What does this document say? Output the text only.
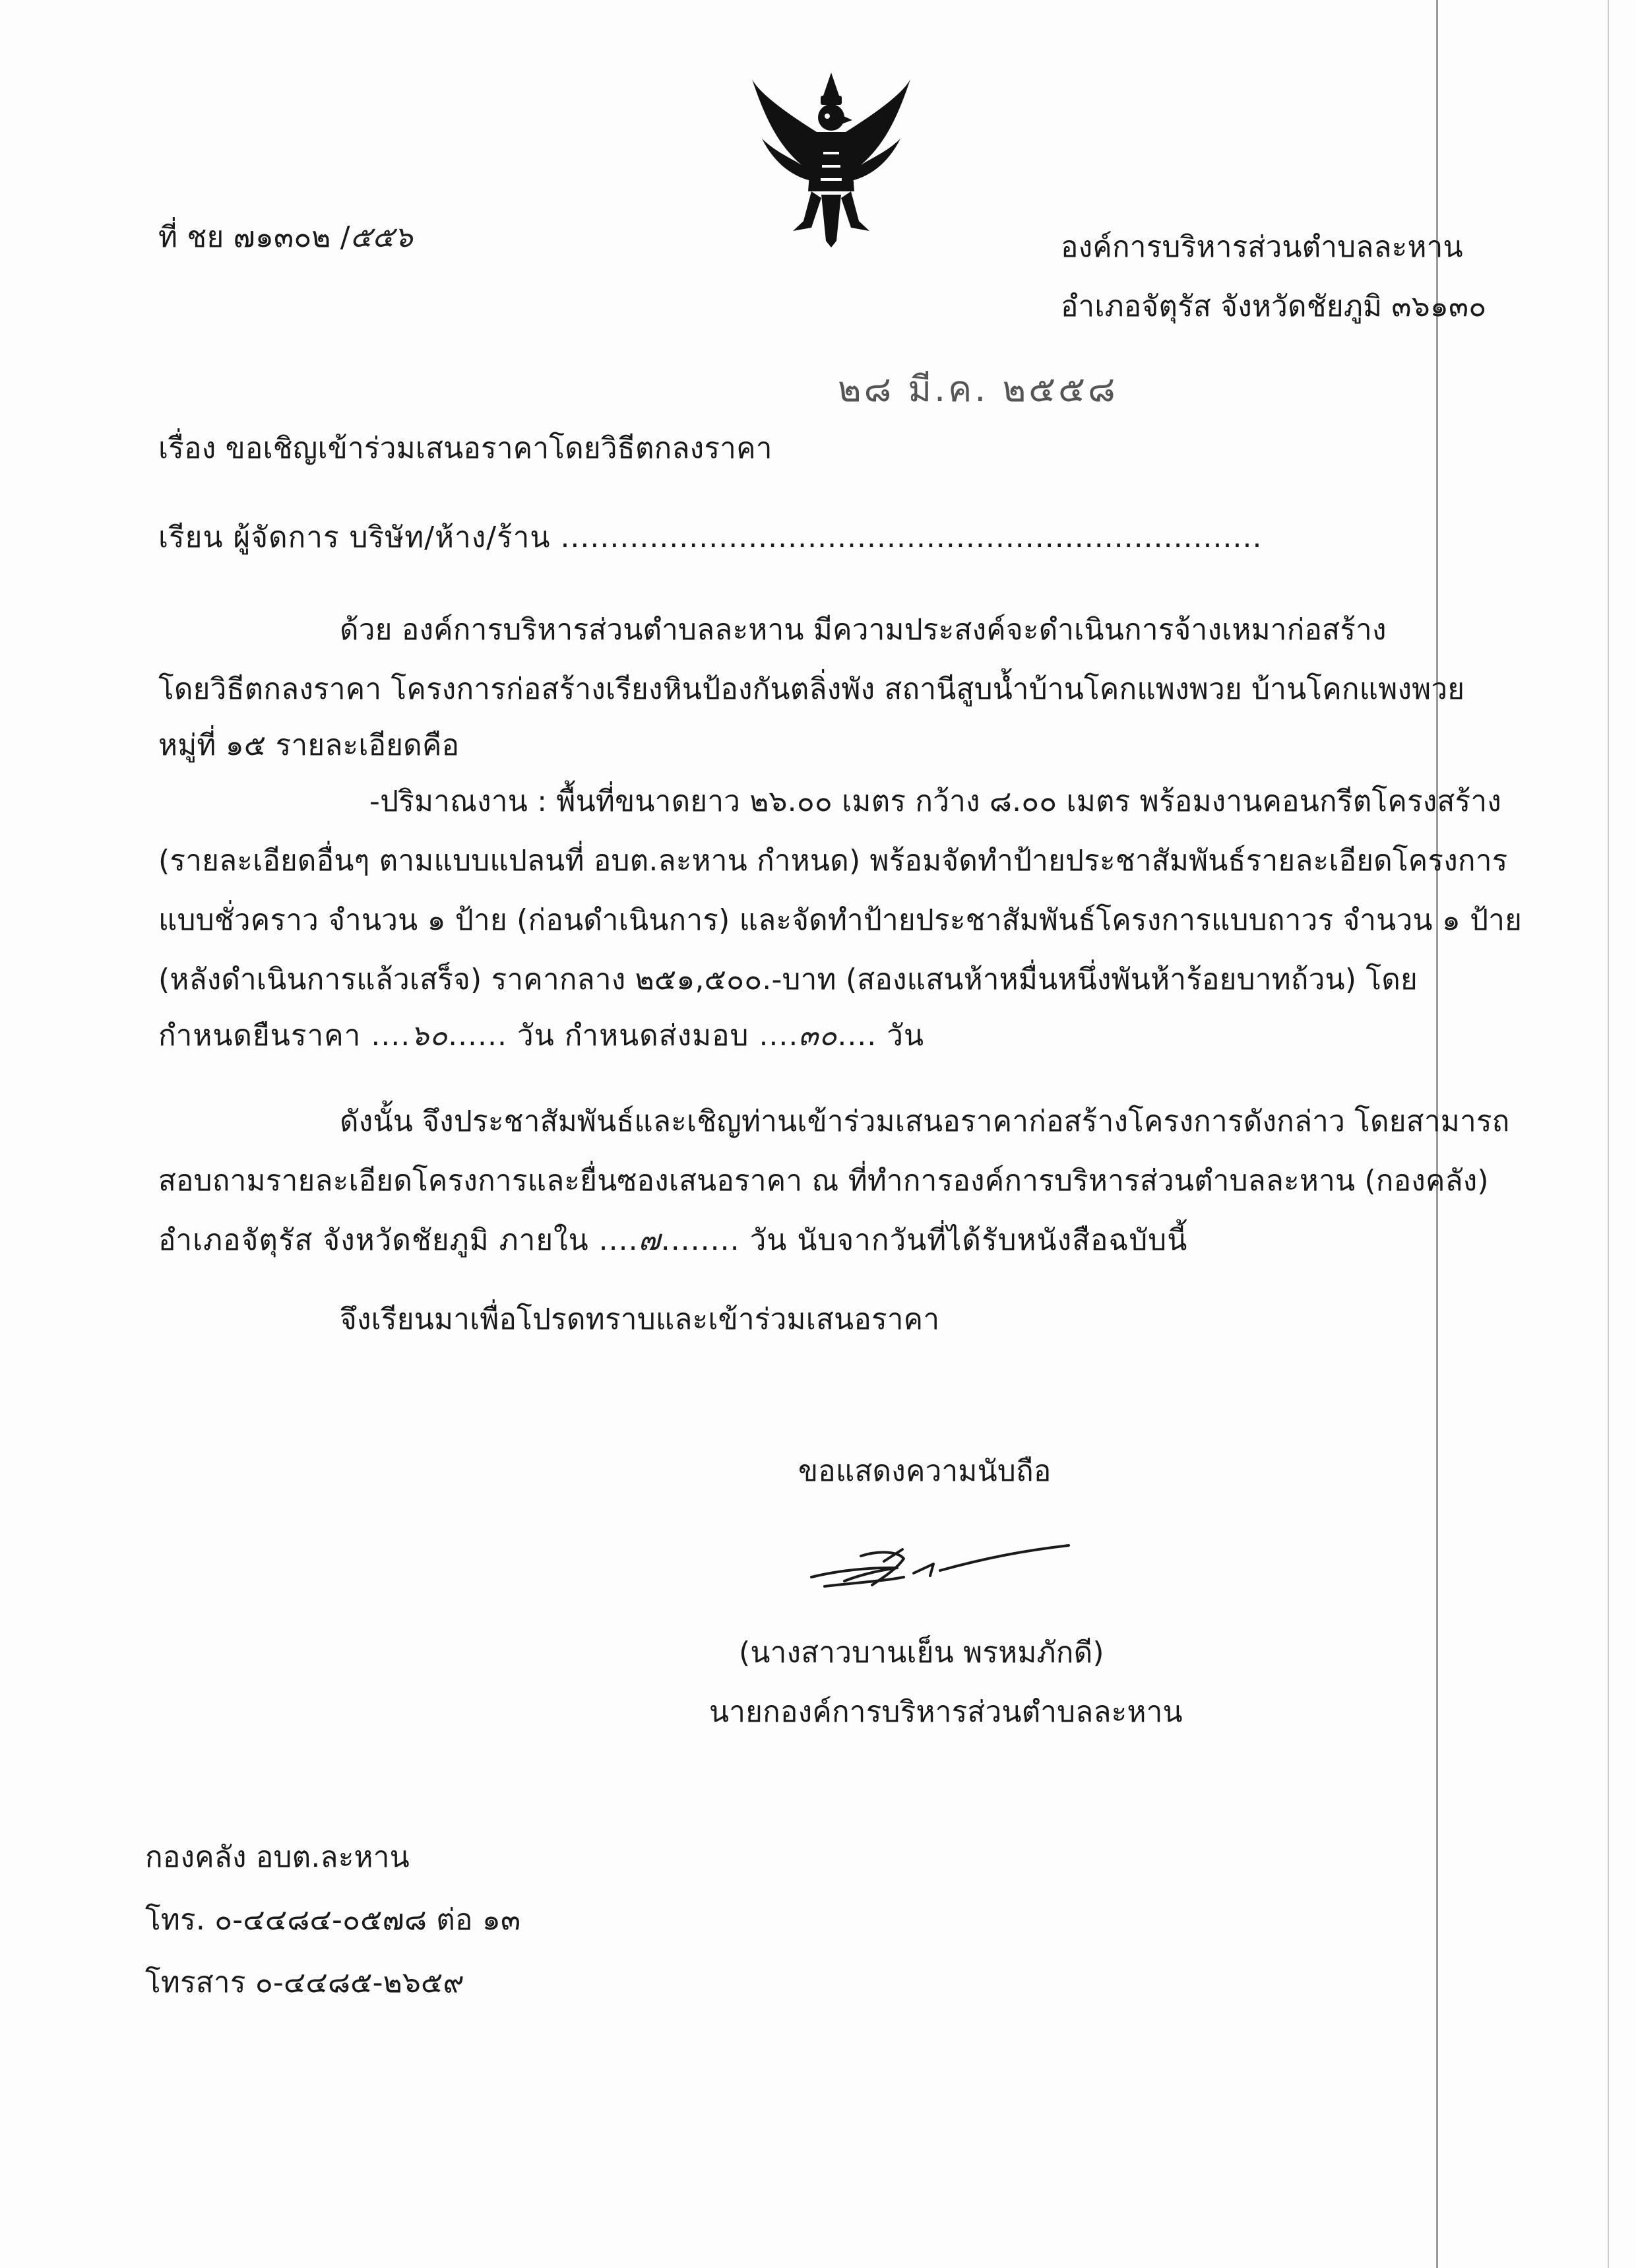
ที่ ชย ๗๑๓๐๒ /๕๕๖	องค์การบริหารส่วนตำบลละหาน
อำเภอจัตุรัส จังหวัดชัยภูมิ ๓๖๑๓๐
๒๘ มี.ค. ๒๕๕๘
เรื่อง ขอเชิญเข้าร่วมเสนอราคาโดยวิธีตกลงราคา
เรียน ผู้จัดการ บริษัท/ห้าง/ร้าน .......................................................................
ด้วย องค์การบริหารส่วนตำบลละหาน มีความประสงค์จะดำเนินการจ้างเหมาก่อสร้าง
โดยวิธีตกลงราคา โครงการก่อสร้างเรียงหินป้องกันตลิ่งพัง สถานีสูบน้ำบ้านโคกแพงพวย บ้านโคกแพงพวย
หมู่ที่ ๑๕ รายละเอียดคือ
-ปริมาณงาน : พื้นที่ขนาดยาว ๒๖.๐๐ เมตร กว้าง ๘.๐๐ เมตร พร้อมงานคอนกรีตโครงสร้าง
(รายละเอียดอื่นๆ ตามแบบแปลนที่ อบต.ละหาน กำหนด) พร้อมจัดทำป้ายประชาสัมพันธ์รายละเอียดโครงการ
แบบชั่วคราว จำนวน ๑ ป้าย (ก่อนดำเนินการ) และจัดทำป้ายประชาสัมพันธ์โครงการแบบถาวร จำนวน ๑ ป้าย
(หลังดำเนินการแล้วเสร็จ) ราคากลาง ๒๕๑,๕๐๐.-บาท (สองแสนห้าหมื่นหนึ่งพันห้าร้อยบาทถ้วน) โดย
กำหนดยืนราคา ....๖๐...... วัน กำหนดส่งมอบ ....๓๐.... วัน
ดังนั้น จึงประชาสัมพันธ์และเชิญท่านเข้าร่วมเสนอราคาก่อสร้างโครงการดังกล่าว โดยสามารถ
สอบถามรายละเอียดโครงการและยื่นซองเสนอราคา ณ ที่ทำการองค์การบริหารส่วนตำบลละหาน (กองคลัง)
อำเภอจัตุรัส จังหวัดชัยภูมิ ภายใน ....๗........ วัน นับจากวันที่ได้รับหนังสือฉบับนี้
จึงเรียนมาเพื่อโปรดทราบและเข้าร่วมเสนอราคา
ขอแสดงความนับถือ
(นางสาวบานเย็น พรหมภักดี)
นายกองค์การบริหารส่วนตำบลละหาน
กองคลัง อบต.ละหาน
โทร. ๐-๔๔๘๔-๐๕๗๘ ต่อ ๑๓
โทรสาร ๐-๔๔๘๕-๒๖๕๙
